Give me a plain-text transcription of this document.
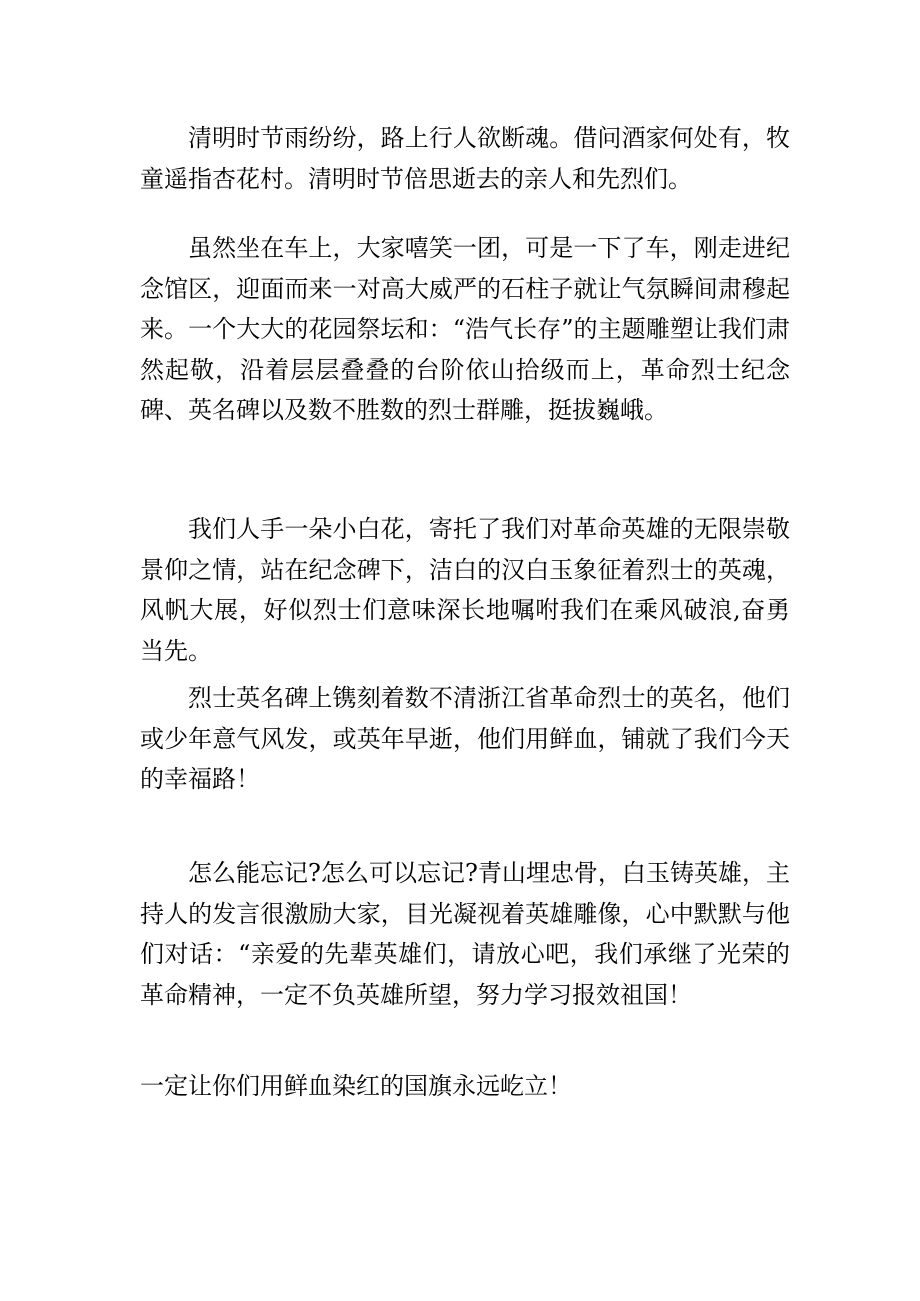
清明时节雨纷纷，路上行人欲断魂。借问酒家何处有，牧童遥指杏花村。清明时节倍思逝去的亲人和先烈们。

虽然坐在车上，大家嘻笑一团，可是一下了车，刚走进纪念馆区，迎面而来一对高大威严的石柱子就让气氛瞬间肃穆起来。一个大大的花园祭坛和：“浩气长存”的主题雕塑让我们肃然起敬，沿着层层叠叠的台阶依山拾级而上，革命烈士纪念碑、英名碑以及数不胜数的烈士群雕，挺拔巍峨。

我们人手一朵小白花，寄托了我们对革命英雄的无限崇敬景仰之情，站在纪念碑下，洁白的汉白玉象征着烈士的英魂，风帆大展，好似烈士们意味深长地嘱咐我们在乘风破浪,奋勇当先。

烈士英名碑上镌刻着数不清浙江省革命烈士的英名，他们或少年意气风发，或英年早逝，他们用鲜血，铺就了我们今天的幸福路！

怎么能忘记?怎么可以忘记?青山埋忠骨，白玉铸英雄，主持人的发言很激励大家，目光凝视着英雄雕像，心中默默与他们对话：“亲爱的先辈英雄们，请放心吧，我们承继了光荣的革命精神，一定不负英雄所望，努力学习报效祖国！

一定让你们用鲜血染红的国旗永远屹立！
